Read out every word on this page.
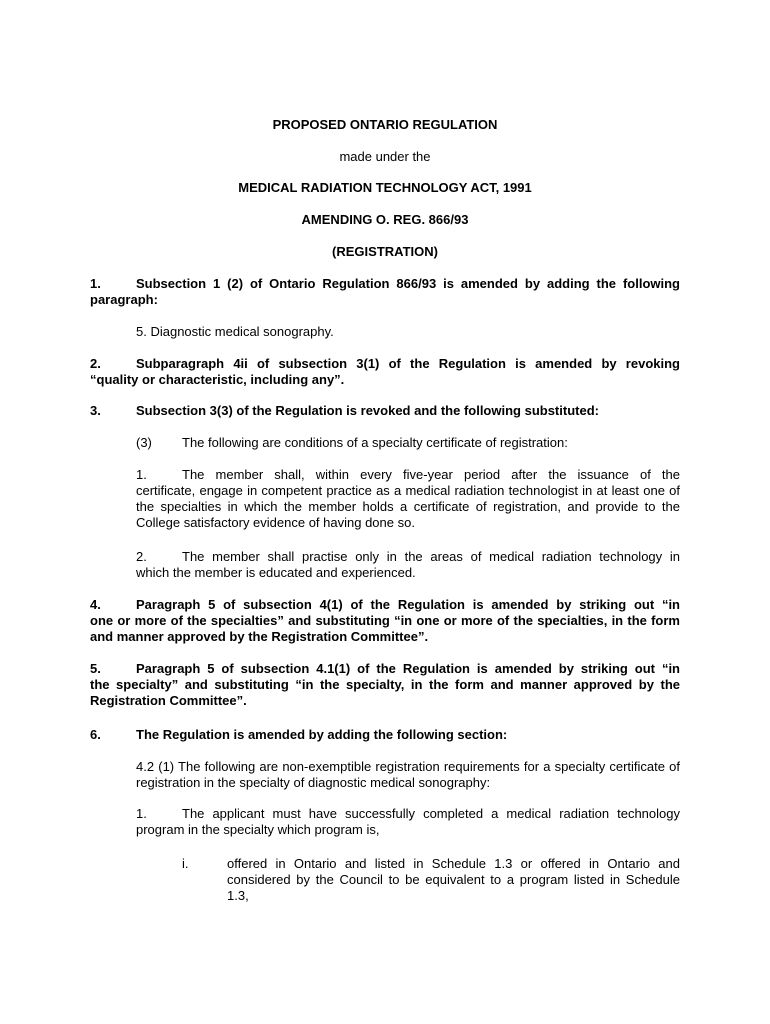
PROPOSED ONTARIO REGULATION
made under the
MEDICAL RADIATION TECHNOLOGY ACT, 1991
AMENDING O. REG. 866/93
(REGISTRATION)
1.	Subsection 1 (2) of Ontario Regulation 866/93 is amended by adding the following
paragraph:
5. Diagnostic medical sonography.
2.	Subparagraph 4ii of subsection 3(1) of the Regulation is amended by revoking
“quality or characteristic, including any”.
3.	Subsection 3(3) of the Regulation is revoked and the following substituted:
(3) The following are conditions of a specialty certificate of registration:
1.	The member shall, within every five-year period after the issuance of the
certificate, engage in competent practice as a medical radiation technologist in at least one of the specialties in which the member holds a certificate of registration, and provide to the College satisfactory evidence of having done so.
2.	The member shall practise only in the areas of medical radiation technology in
which the member is educated and experienced.
4.	Paragraph 5 of subsection 4(1) of the Regulation is amended by striking out “in
one or more of the specialties” and substituting “in one or more of the specialties, in the form and manner approved by the Registration Committee”.
5.	Paragraph 5 of subsection 4.1(1) of the Regulation is amended by striking out “in
the specialty” and substituting “in the specialty, in the form and manner approved by the Registration Committee”.
6.	The Regulation is amended by adding the following section:
4.2 (1) The following are non-exemptible registration requirements for a specialty certificate of registration in the specialty of diagnostic medical sonography:
1.	The applicant must have successfully completed a medical radiation technology
program in the specialty which program is,
i.	offered in Ontario and listed in Schedule 1.3 or offered in Ontario and considered by the Council to be equivalent to a program listed in Schedule 1.3,
